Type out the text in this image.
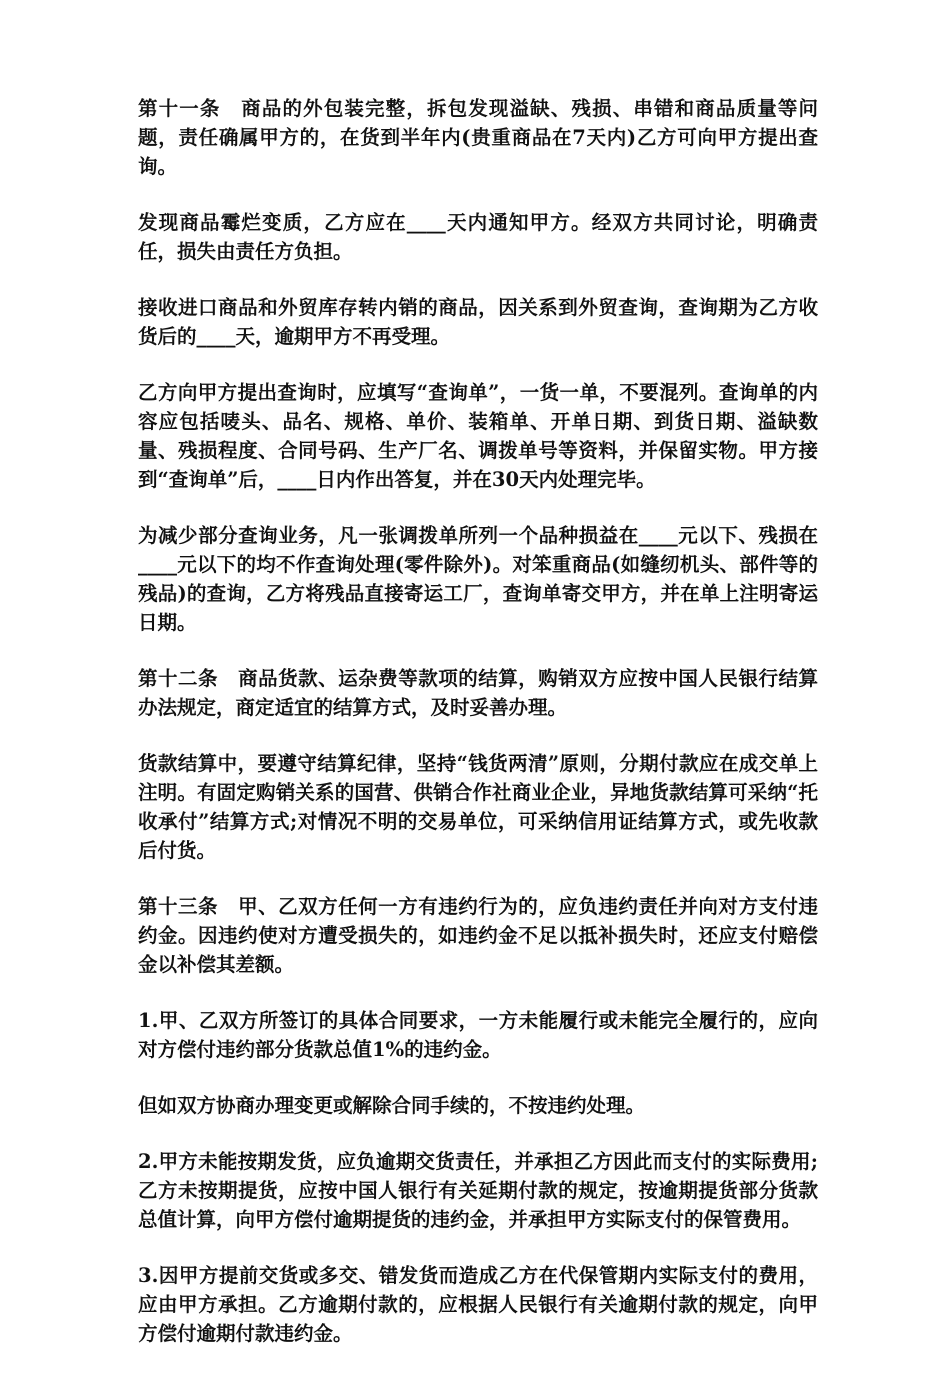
第十一条　商品的外包装完整，拆包发现溢缺、残损、串错和商品质量等问题，责任确属甲方的，在货到半年内(贵重商品在7天内)乙方可向甲方提出查询。

发现商品霉烂变质，乙方应在____天内通知甲方。经双方共同讨论，明确责任，损失由责任方负担。

接收进口商品和外贸库存转内销的商品，因关系到外贸查询，查询期为乙方收货后的____天，逾期甲方不再受理。

乙方向甲方提出查询时，应填写“查询单”，一货一单，不要混列。查询单的内容应包括唛头、品名、规格、单价、装箱单、开单日期、到货日期、溢缺数量、残损程度、合同号码、生产厂名、调拨单号等资料，并保留实物。甲方接到“查询单”后，____日内作出答复，并在30天内处理完毕。

为减少部分查询业务，凡一张调拨单所列一个品种损益在____元以下、残损在____元以下的均不作查询处理(零件除外)。对笨重商品(如缝纫机头、部件等的残品)的查询，乙方将残品直接寄运工厂，查询单寄交甲方，并在单上注明寄运日期。

第十二条　商品货款、运杂费等款项的结算，购销双方应按中国人民银行结算办法规定，商定适宜的结算方式，及时妥善办理。

货款结算中，要遵守结算纪律，坚持“钱货两清”原则，分期付款应在成交单上注明。有固定购销关系的国营、供销合作社商业企业，异地货款结算可采纳“托收承付”结算方式;对情况不明的交易单位，可采纳信用证结算方式，或先收款后付货。

第十三条　甲、乙双方任何一方有违约行为的，应负违约责任并向对方支付违约金。因违约使对方遭受损失的，如违约金不足以抵补损失时，还应支付赔偿金以补偿其差额。

1.甲、乙双方所签订的具体合同要求，一方未能履行或未能完全履行的，应向对方偿付违约部分货款总值1%的违约金。

但如双方协商办理变更或解除合同手续的，不按违约处理。

2.甲方未能按期发货，应负逾期交货责任，并承担乙方因此而支付的实际费用;乙方未按期提货，应按中国人银行有关延期付款的规定，按逾期提货部分货款总值计算，向甲方偿付逾期提货的违约金，并承担甲方实际支付的保管费用。

3.因甲方提前交货或多交、错发货而造成乙方在代保管期内实际支付的费用，应由甲方承担。乙方逾期付款的，应根据人民银行有关逾期付款的规定，向甲方偿付逾期付款违约金。
